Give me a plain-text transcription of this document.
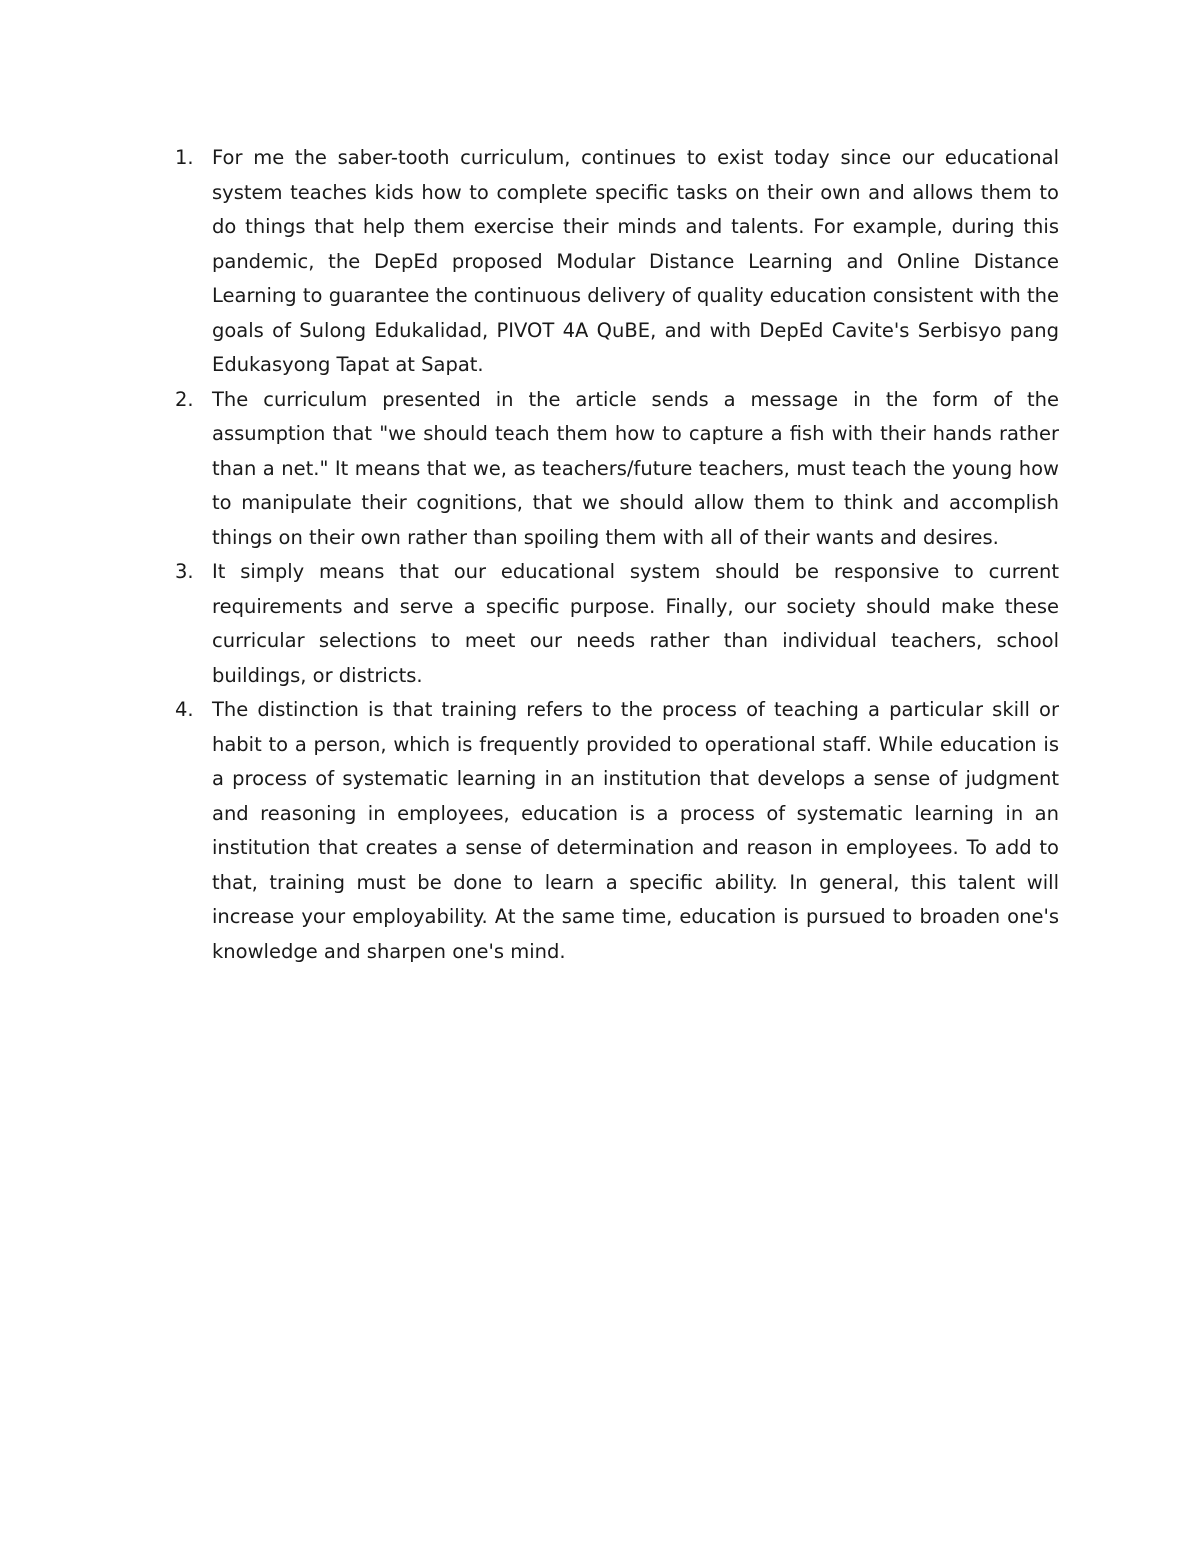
1. For me the saber-tooth curriculum, continues to exist today since our educational system teaches kids how to complete specific tasks on their own and allows them to do things that help them exercise their minds and talents. For example, during this pandemic, the DepEd proposed Modular Distance Learning and Online Distance Learning to guarantee the continuous delivery of quality education consistent with the goals of Sulong Edukalidad, PIVOT 4A QuBE, and with DepEd Cavite's Serbisyo pang Edukasyong Tapat at Sapat.
2. The curriculum presented in the article sends a message in the form of the assumption that "we should teach them how to capture a fish with their hands rather than a net." It means that we, as teachers/future teachers, must teach the young how to manipulate their cognitions, that we should allow them to think and accomplish things on their own rather than spoiling them with all of their wants and desires.
3. It simply means that our educational system should be responsive to current requirements and serve a specific purpose. Finally, our society should make these curricular selections to meet our needs rather than individual teachers, school buildings, or districts.
4. The distinction is that training refers to the process of teaching a particular skill or habit to a person, which is frequently provided to operational staff. While education is a process of systematic learning in an institution that develops a sense of judgment and reasoning in employees, education is a process of systematic learning in an institution that creates a sense of determination and reason in employees. To add to that, training must be done to learn a specific ability. In general, this talent will increase your employability. At the same time, education is pursued to broaden one's knowledge and sharpen one's mind.
